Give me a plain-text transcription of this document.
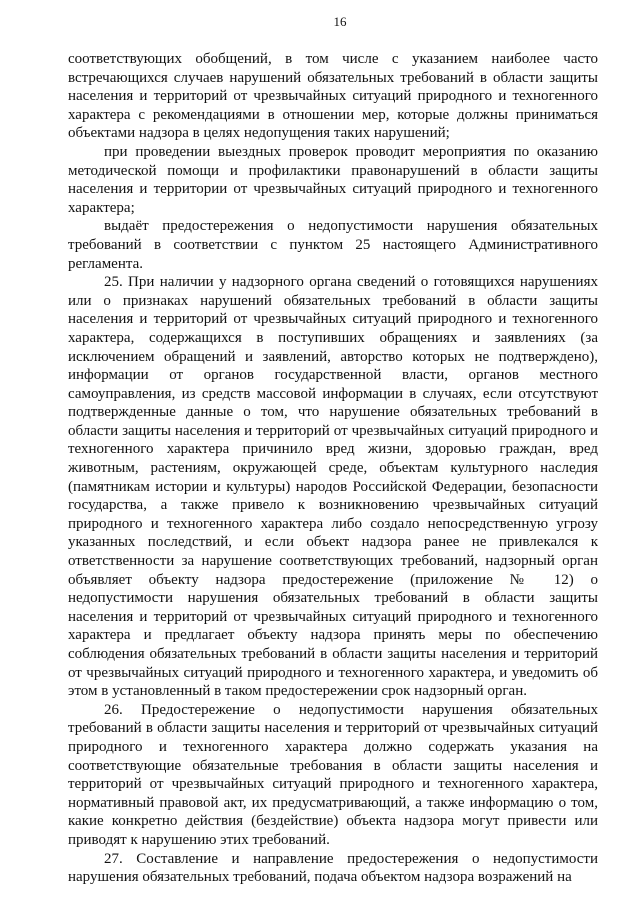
16

соответствующих обобщений, в том числе с указанием наиболее часто встречающихся случаев нарушений обязательных требований в области защиты населения и территорий от чрезвычайных ситуаций природного и техногенного характера с рекомендациями в отношении мер, которые должны приниматься объектами надзора в целях недопущения таких нарушений;

при проведении выездных проверок проводит мероприятия по оказанию методической помощи и профилактики правонарушений в области защиты населения и территории от чрезвычайных ситуаций природного и техногенного характера;

выдаёт предостережения о недопустимости нарушения обязательных требований в соответствии с пунктом 25 настоящего Административного регламента.

25. При наличии у надзорного органа сведений о готовящихся нарушениях или о признаках нарушений обязательных требований в области защиты населения и территорий от чрезвычайных ситуаций природного и техногенного характера, содержащихся в поступивших обращениях и заявлениях (за исключением обращений и заявлений, авторство которых не подтверждено), информации от органов государственной власти, органов местного самоуправления, из средств массовой информации в случаях, если отсутствуют подтвержденные данные о том, что нарушение обязательных требований в области защиты населения и территорий от чрезвычайных ситуаций природного и техногенного характера причинило вред жизни, здоровью граждан, вред животным, растениям, окружающей среде, объектам культурного наследия (памятникам истории и культуры) народов Российской Федерации, безопасности государства, а также привело к возникновению чрезвычайных ситуаций природного и техногенного характера либо создало непосредственную угрозу указанных последствий, и если объект надзора ранее не привлекался к ответственности за нарушение соответствующих требований, надзорный орган объявляет объекту надзора предостережение (приложение № 12) о недопустимости нарушения обязательных требований в области защиты населения и территорий от чрезвычайных ситуаций природного и техногенного характера и предлагает объекту надзора принять меры по обеспечению соблюдения обязательных требований в области защиты населения и территорий от чрезвычайных ситуаций природного и техногенного характера, и уведомить об этом в установленный в таком предостережении срок надзорный орган.

26. Предостережение о недопустимости нарушения обязательных требований в области защиты населения и территорий от чрезвычайных ситуаций природного и техногенного характера должно содержать указания на соответствующие обязательные требования в области защиты населения и территорий от чрезвычайных ситуаций природного и техногенного характера, нормативный правовой акт, их предусматривающий, а также информацию о том, какие конкретно действия (бездействие) объекта надзора могут привести или приводят к нарушению этих требований.

27. Составление и направление предостережения о недопустимости нарушения обязательных требований, подача объектом надзора возражений на
